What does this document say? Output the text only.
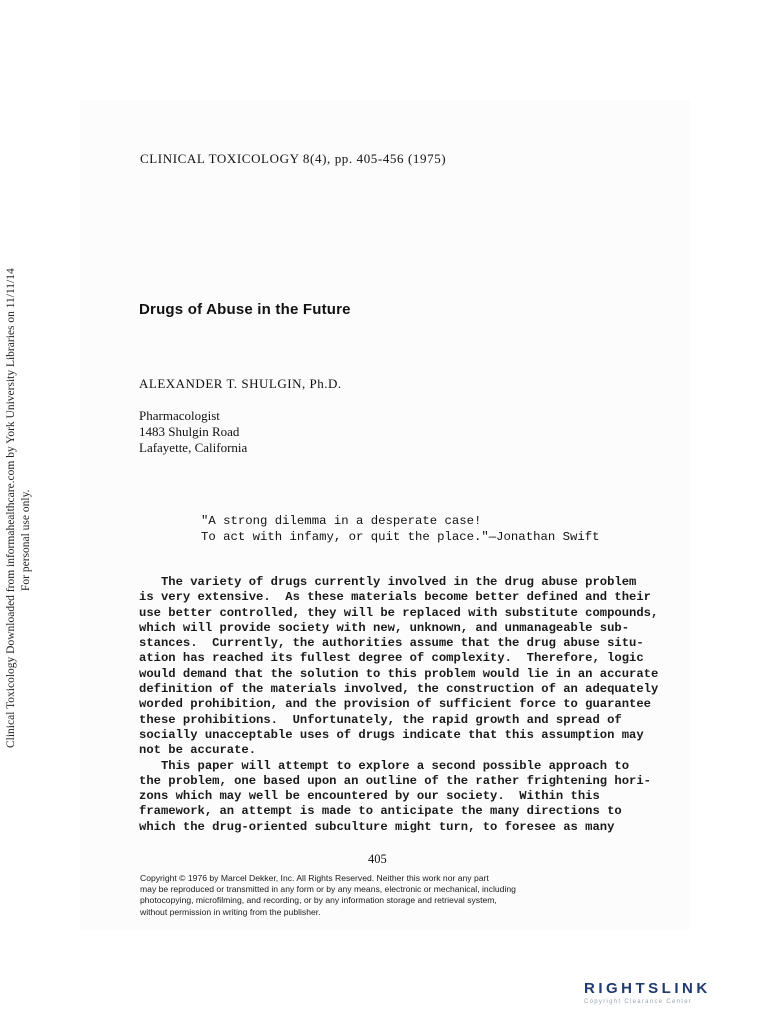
Clinical Toxicology Downloaded from informahealthcare.com by York University Libraries on 11/11/14 For personal use only.
CLINICAL TOXICOLOGY 8(4), pp. 405-456 (1975)
Drugs of Abuse in the Future
ALEXANDER T. SHULGIN, Ph.D.
Pharmacologist
1483 Shulgin Road
Lafayette, California
"A strong dilemma in a desperate case!
To act with infamy, or quit the place."—Jonathan Swift
The variety of drugs currently involved in the drug abuse problem
is very extensive.  As these materials become better defined and their
use better controlled, they will be replaced with substitute compounds,
which will provide society with new, unknown, and unmanageable sub-
stances.  Currently, the authorities assume that the drug abuse situ-
ation has reached its fullest degree of complexity.  Therefore, logic
would demand that the solution to this problem would lie in an accurate
definition of the materials involved, the construction of an adequately
worded prohibition, and the provision of sufficient force to guarantee
these prohibitions.  Unfortunately, the rapid growth and spread of
socially unacceptable uses of drugs indicate that this assumption may
not be accurate.
This paper will attempt to explore a second possible approach to
the problem, one based upon an outline of the rather frightening hori-
zons which may well be encountered by our society.  Within this
framework, an attempt is made to anticipate the many directions to
which the drug-oriented subculture might turn, to foresee as many
405
Copyright © 1976 by Marcel Dekker, Inc. All Rights Reserved. Neither this work nor any part
may be reproduced or transmitted in any form or by any means, electronic or mechanical, including
photocopying, microfilming, and recording, or by any information storage and retrieval system,
without permission in writing from the publisher.
RIGHTSLINK
Copyright Clearance Center
